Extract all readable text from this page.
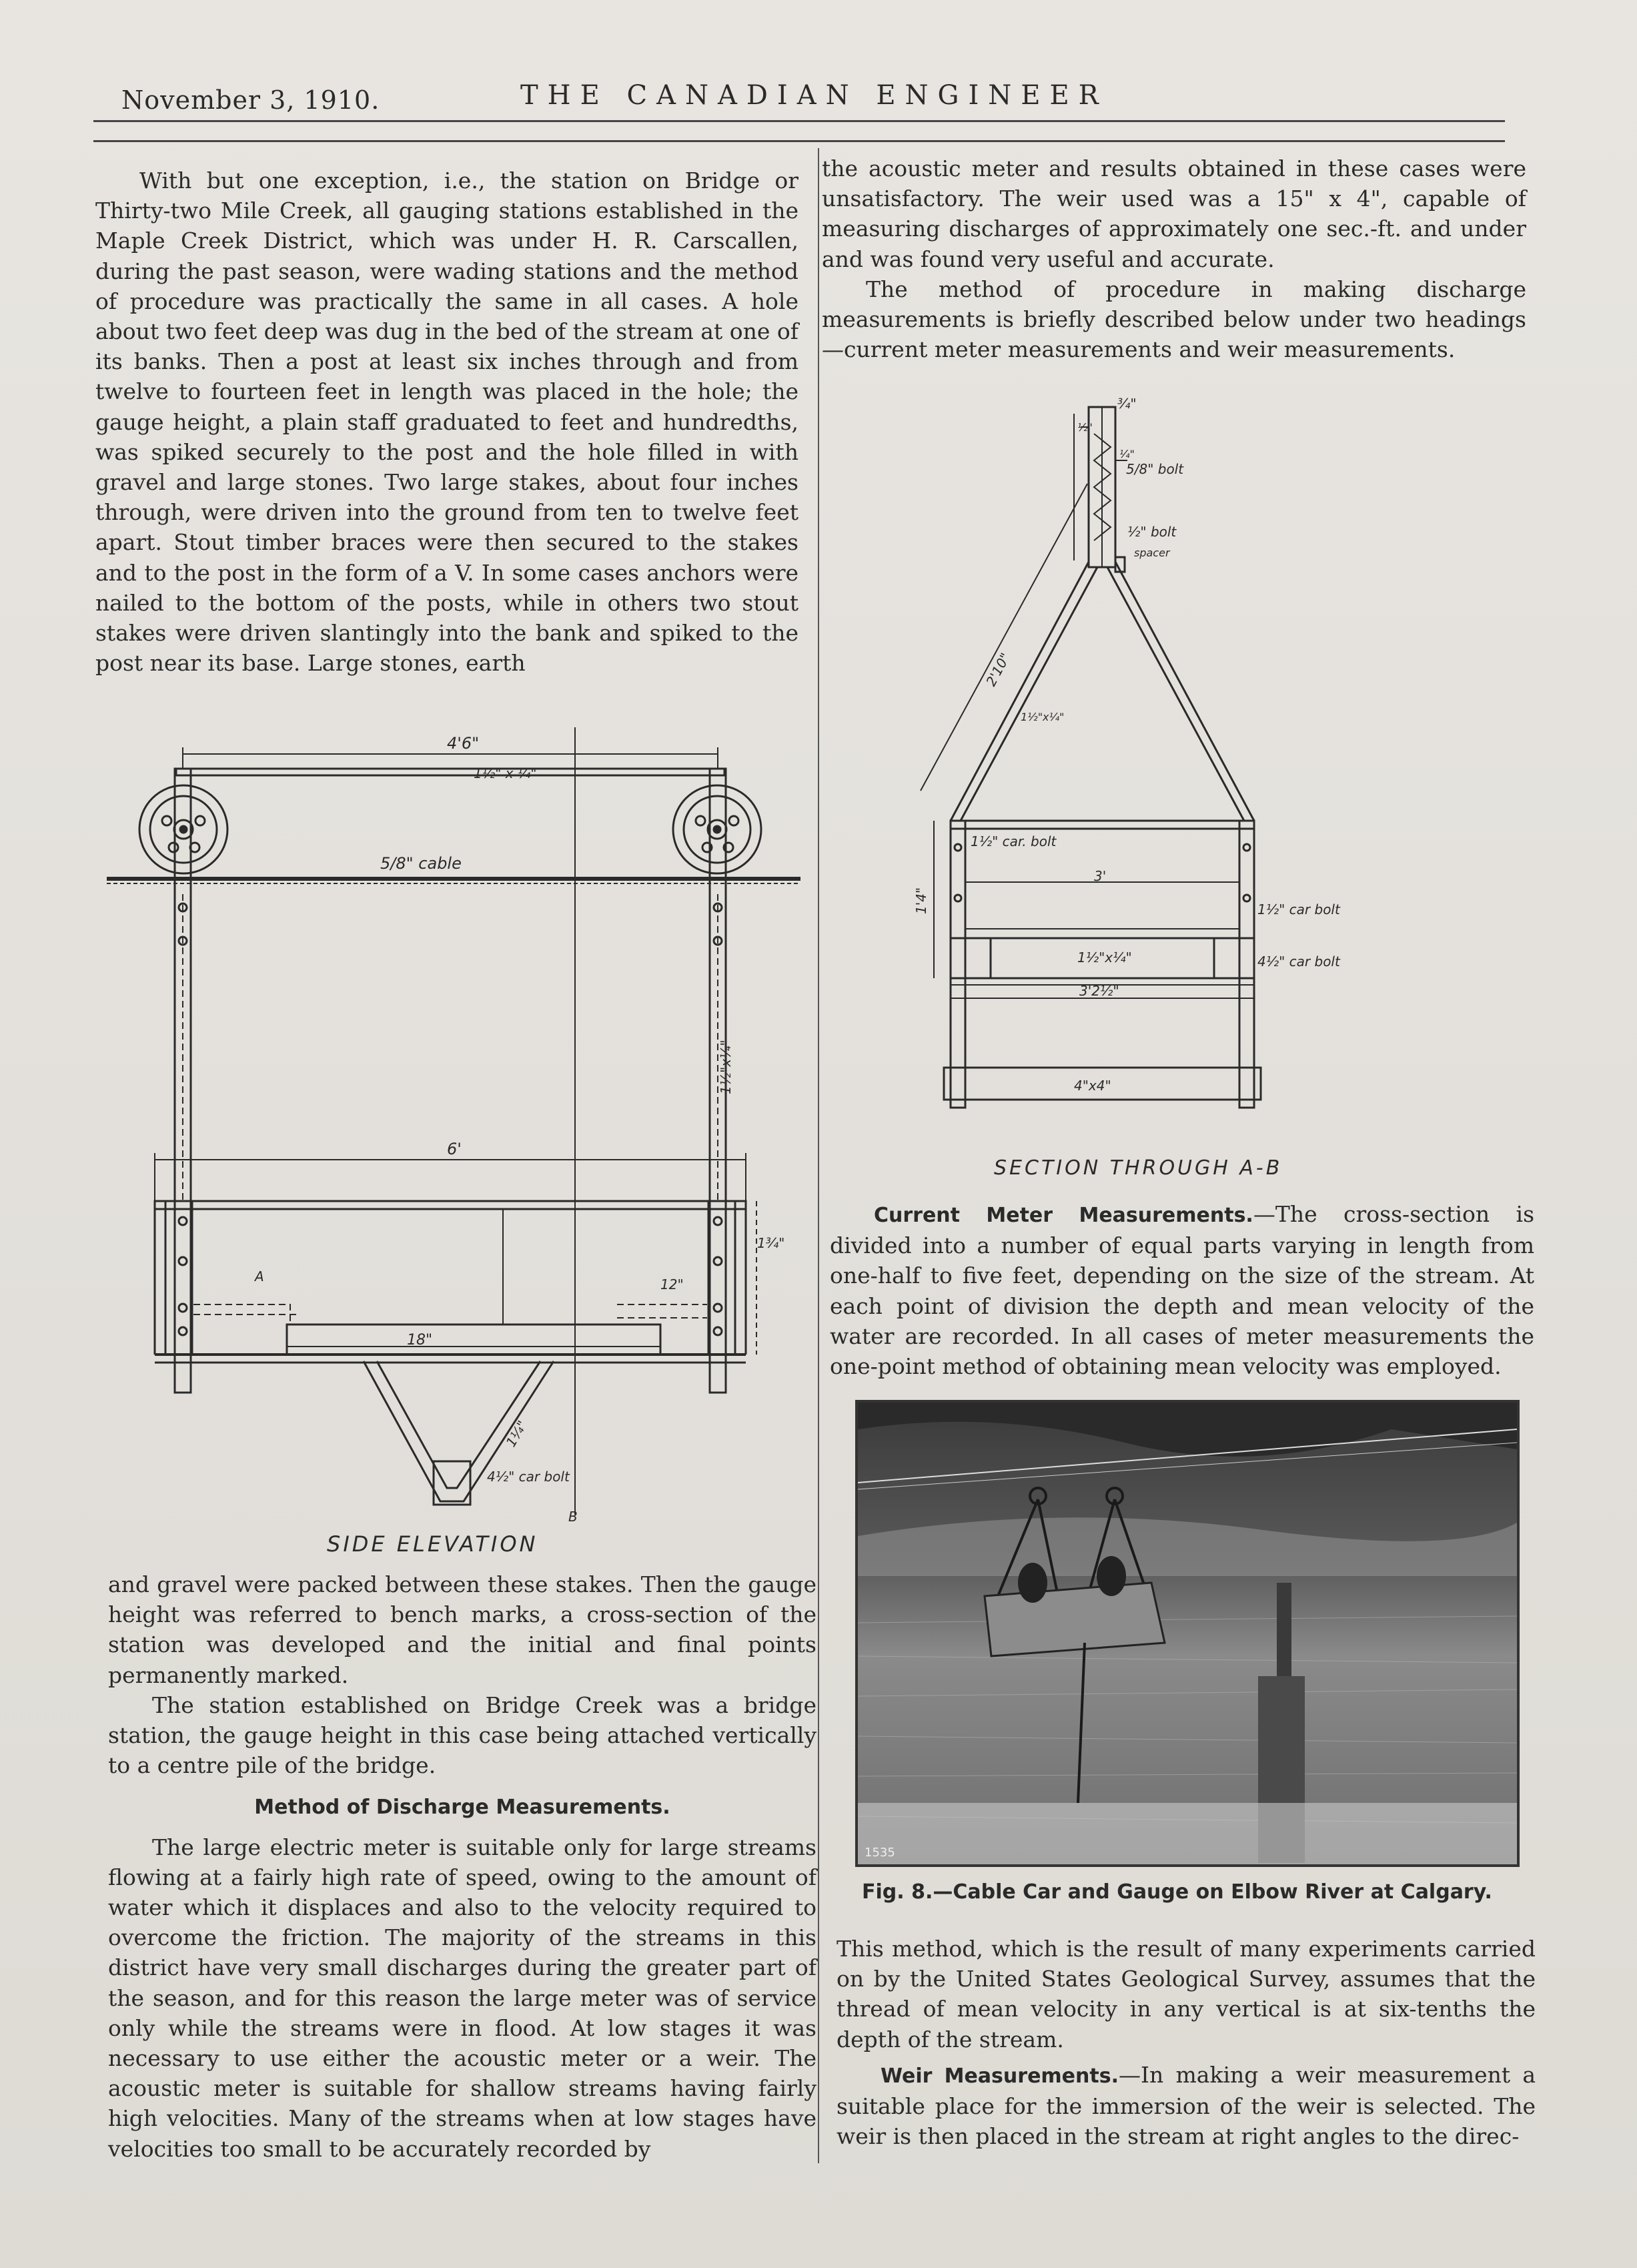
November 3, 1910.	THE CANADIAN ENGINEER

With but one exception, i.e., the station on Bridge or Thirty-two Mile Creek, all gauging stations established in the Maple Creek District, which was under H. R. Carscallen, during the past season, were wading stations and the method of procedure was practically the same in all cases. A hole about two feet deep was dug in the bed of the stream at one of its banks. Then a post at least six inches through and from twelve to fourteen feet in length was placed in the hole; the gauge height, a plain staff graduated to feet and hundredths, was spiked securely to the post and the hole filled in with gravel and large stones. Two large stakes, about four inches through, were driven into the ground from ten to twelve feet apart. Stout timber braces were then secured to the stakes and to the post in the form of a V. In some cases anchors were nailed to the bottom of the posts, while in others two stout stakes were driven slantingly into the bank and spiked to the post near its base. Large stones, earth

4'6"
1½" x ¼"
5/8" cable
6'
1½"x¼"
1¾"
12"
18"
1¼"
4½" car bolt
A
B
SIDE ELEVATION

and gravel were packed between these stakes. Then the gauge height was referred to bench marks, a cross-section of the station was developed and the initial and final points permanently marked.

The station established on Bridge Creek was a bridge station, the gauge height in this case being attached vertically to a centre pile of the bridge.

Method of Discharge Measurements.

The large electric meter is suitable only for large streams flowing at a fairly high rate of speed, owing to the amount of water which it displaces and also to the velocity required to overcome the friction. The majority of the streams in this district have very small discharges during the greater part of the season, and for this reason the large meter was of service only while the streams were in flood. At low stages it was necessary to use either the acoustic meter or a weir. The acoustic meter is suitable for shallow streams having fairly high velocities. Many of the streams when at low stages have velocities too small to be accurately recorded by

the acoustic meter and results obtained in these cases were unsatisfactory. The weir used was a 15" x 4", capable of measuring discharges of approximately one sec.-ft. and under and was found very useful and accurate.

The method of procedure in making discharge measurements is briefly described below under two headings—current meter measurements and weir measurements.

¾"
½"
¼"
5/8" bolt
½" bolt
spacer
2'10"
1½"x¼"
1'4"
1½" car. bolt
1½" car bolt
3'
1½"x¼"	4½" car bolt
3'2½"
4"x4"
SECTION THROUGH A-B

Current Meter Measurements.—The cross-section is divided into a number of equal parts varying in length from one-half to five feet, depending on the size of the stream. At each point of division the depth and mean velocity of the water are recorded. In all cases of meter measurements the one-point method of obtaining mean velocity was employed.

1535
Fig. 8.—Cable Car and Gauge on Elbow River at Calgary.

This method, which is the result of many experiments carried on by the United States Geological Survey, assumes that the thread of mean velocity in any vertical is at six-tenths the depth of the stream.

Weir Measurements.—In making a weir measurement a suitable place for the immersion of the weir is selected. The weir is then placed in the stream at right angles to the direc-
